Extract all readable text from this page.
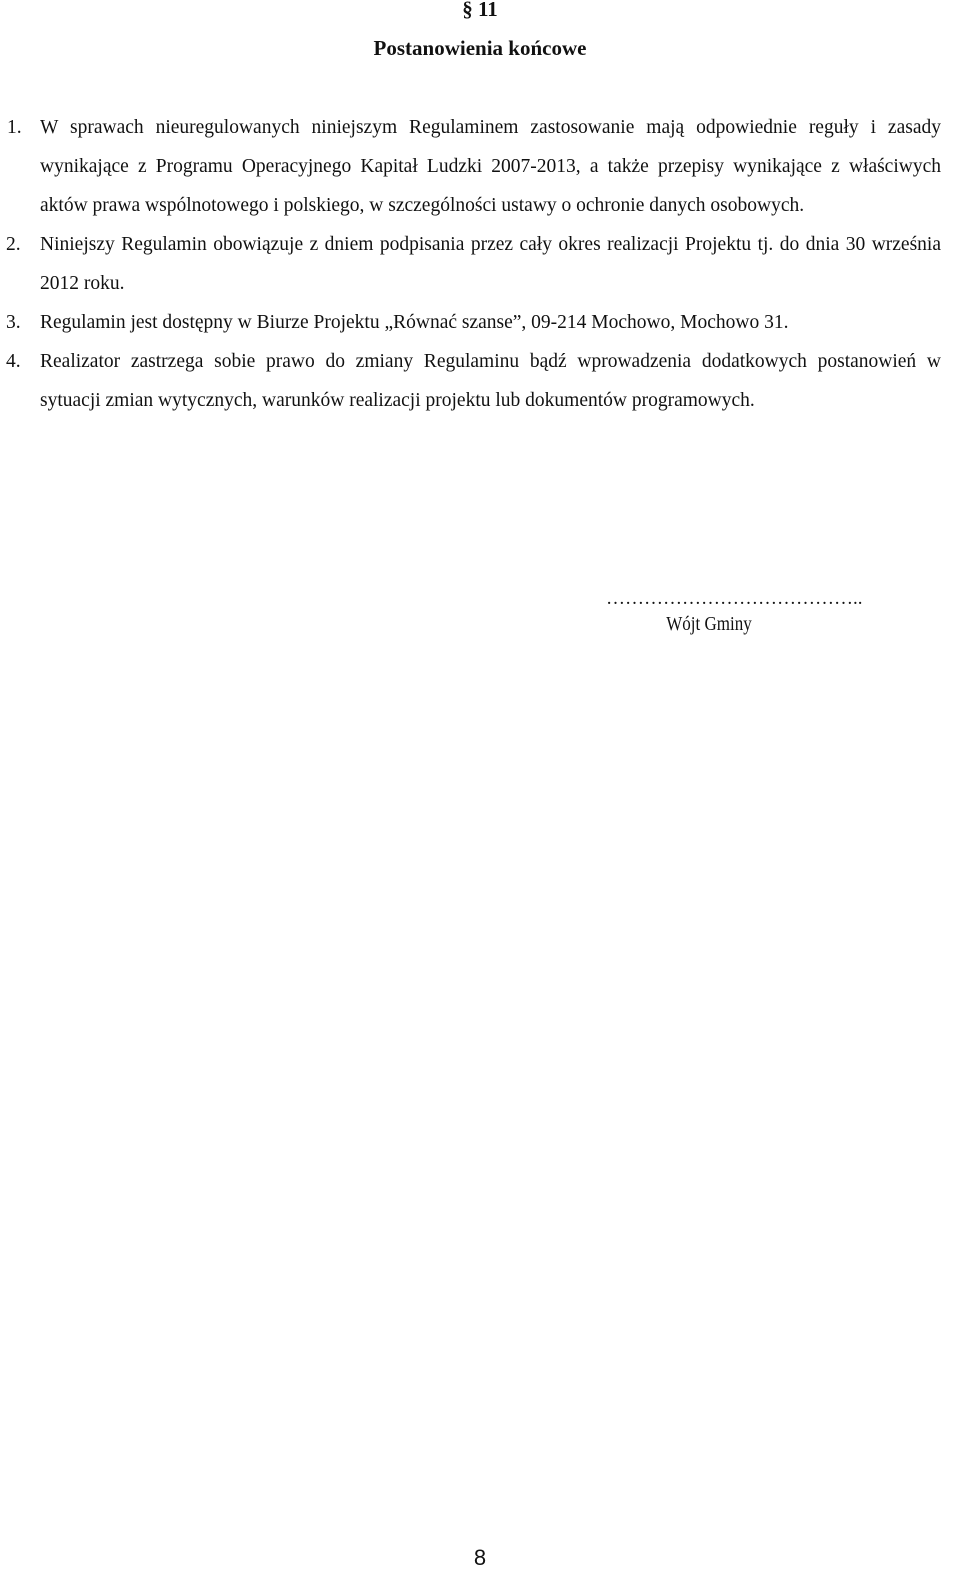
§ 11
Postanowienia końcowe
1. W sprawach nieuregulowanych niniejszym Regulaminem zastosowanie mają odpowiednie reguły i zasady wynikające z Programu Operacyjnego Kapitał Ludzki 2007-2013, a także przepisy wynikające z właściwych aktów prawa wspólnotowego i polskiego, w szczególności ustawy o ochronie danych osobowych.
2. Niniejszy Regulamin obowiązuje z dniem podpisania przez cały okres realizacji Projektu tj. do dnia 30 września 2012 roku.
3. Regulamin jest dostępny w Biurze Projektu „Równać szanse”, 09-214 Mochowo, Mochowo 31.
4. Realizator zastrzega sobie prawo do zmiany Regulaminu bądź wprowadzenia dodatkowych postanowień w sytuacji zmian wytycznych, warunków realizacji projektu lub dokumentów programowych.
…………………………………..
Wójt Gminy
8
